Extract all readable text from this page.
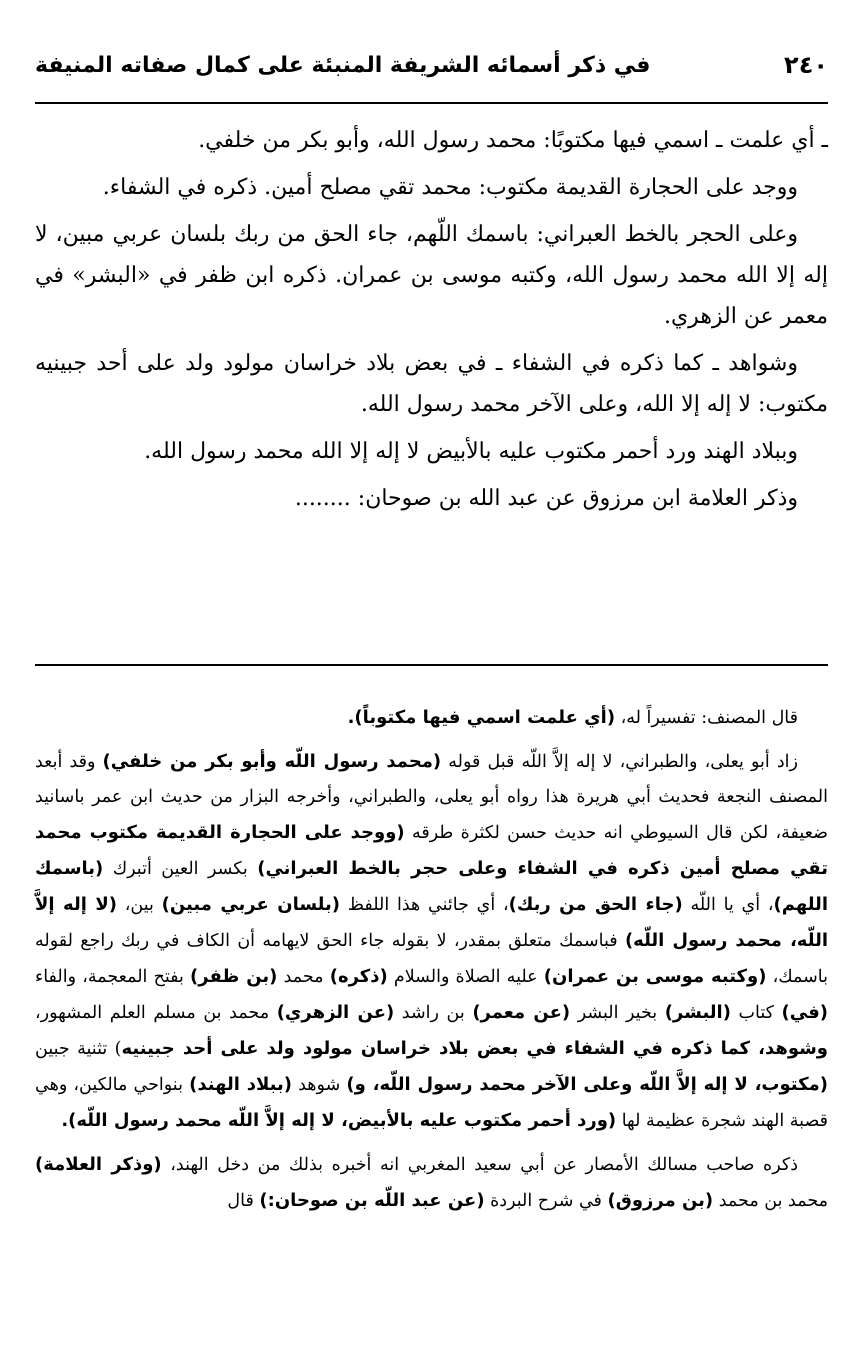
٢٤٠
في ذكر أسمائه الشريفة المنبئة على كمال صفاته المنيفة

ـ أي علمت ـ اسمي فيها مكتوبًا: محمد رسول الله، وأبو بكر من خلفي.

ووجد على الحجارة القديمة مكتوب: محمد تقي مصلح أمين. ذكره في الشفاء.

وعلى الحجر بالخط العبراني: باسمك اللّهم، جاء الحق من ربك بلسان عربي مبين، لا إله إلا الله محمد رسول الله، وكتبه موسى بن عمران. ذكره ابن ظفر في «البشر» في معمر عن الزهري.

وشواهد ـ كما ذكره في الشفاء ـ في بعض بلاد خراسان مولود ولد على أحد جبينيه مكتوب: لا إله إلا الله، وعلى الآخر محمد رسول الله.

وببلاد الهند ورد أحمر مكتوب عليه بالأبيض لا إله إلا الله محمد رسول الله.

وذكر العلامة ابن مرزوق عن عبد الله بن صوحان: ........

قال المصنف: تفسيراً له، (أي علمت اسمي فيها مكتوباً).

زاد أبو يعلى، والطبراني، لا إله إلاَّ اللّه قبل قوله (محمد رسول اللّه وأبو بكر من خلفي) وقد أبعد المصنف النجعة فحديث أبي هريرة هذا رواه أبو يعلى، والطبراني، وأخرجه البزار من حديث ابن عمر باسانيد ضعيفة، لكن قال السيوطي انه حديث حسن لكثرة طرقه (ووجد على الحجارة القديمة مكتوب محمد تقي مصلح أمين ذكره في الشفاء وعلى حجر بالخط العبراني) بكسر العين أتبرك (باسمك اللهم)، أي يا اللّه (جاء الحق من ربك)، أي جائني هذا اللفظ (بلسان عربي مبين) بين، (لا إله إلاَّ اللّه، محمد رسول اللّه) فباسمك متعلق بمقدر، لا بقوله جاء الحق لايهامه أن الكاف في ربك راجع لقوله باسمك، (وكتبه موسى بن عمران) عليه الصلاة والسلام (ذكره) محمد (بن ظفر) بفتح المعجمة، والفاء (في) كتاب (البشر) بخير البشر (عن معمر) بن راشد (عن الزهري) محمد بن مسلم العلم المشهور، وشوهد، كما ذكره في الشفاء في بعض بلاد خراسان مولود ولد على أحد جبينيه) تثنية جبين (مكتوب، لا إله إلاَّ اللّه وعلى الآخر محمد رسول اللّه، و) شوهد (ببلاد الهند) بنواحي مالكين، وهي قصبة الهند شجرة عظيمة لها (ورد أحمر مكتوب عليه بالأبيض، لا إله إلاَّ اللّه محمد رسول اللّه).

ذكره صاحب مسالك الأمصار عن أبي سعيد المغربي انه أخبره بذلك من دخل الهند، (وذكر العلامة) محمد بن محمد (بن مرزوق) في شرح البردة (عن عبد اللّه بن صوحان:) قال
